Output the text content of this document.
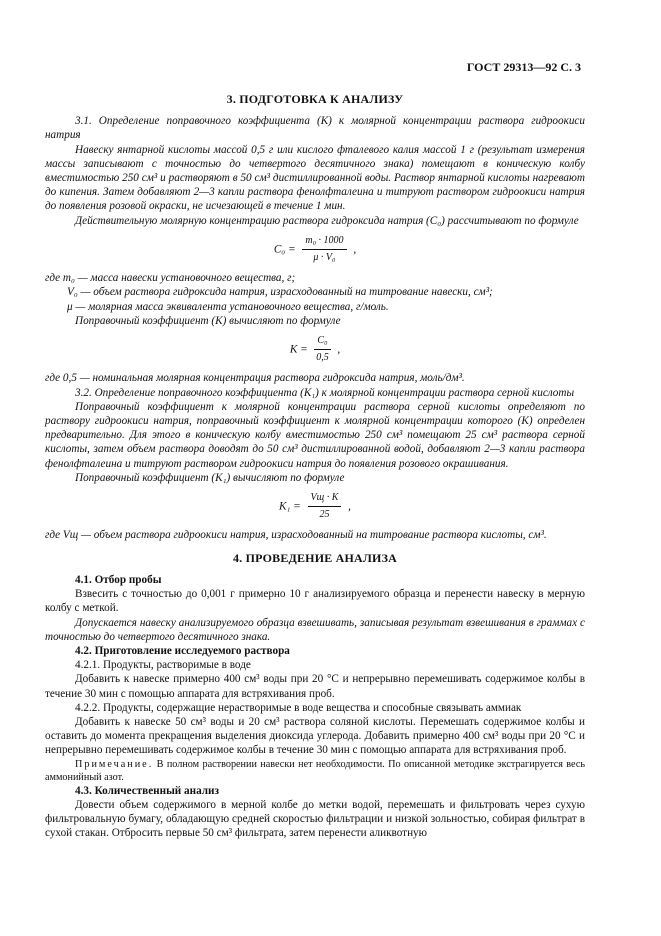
ГОСТ 29313—92 С. 3
3. ПОДГОТОВКА К АНАЛИЗУ

3.1. Определение поправочного коэффициента (К) к молярной концентрации раствора гидроокиси натрия

Навеску янтарной кислоты массой 0,5 г или кислого фталевого калия массой 1 г (результат измерения массы записывают с точностью до четвертого десятичного знака) помещают в коническую колбу вместимостью 250 см³ и растворяют в 50 см³ дистиллированной воды. Раствор янтарной кислоты нагревают до кипения. Затем добавляют 2—3 капли раствора фенолфталеина и титруют раствором гидроокиси натрия до появления розовой окраски, не исчезающей в течение 1 мин.

Действительную молярную концентрацию раствора гидроксида натрия (C₀) рассчитывают по формуле

$C_0 = \frac{\text{m₀ · 1000}}{\text{μ · V₀}}$ ,

где m₀ — масса навески установочного вещества, г;

V₀ — объем раствора гидроксида натрия, израсходованный на титрование навески, см³;

μ — молярная масса эквивалента установочного вещества, г/моль.

Поправочный коэффициент (К) вычисляют по формуле

$K = \frac{\text{C₀}}{0,5}$ ,

где 0,5 — номинальная молярная концентрация раствора гидроксида натрия, моль/дм³.

3.2. Определение поправочного коэффициента (K₁) к молярной концентрации раствора серной кислоты

Поправочный коэффициент к молярной концентрации раствора серной кислоты определяют по раствору гидроокиси натрия, поправочный коэффициент к молярной концентрации которого (К) определен предварительно. Для этого в коническую колбу вместимостью 250 см³ помещают 25 см³ раствора серной кислоты, затем объем раствора доводят до 50 см³ дистиллированной водой, добавляют 2—3 капли раствора фенолфталеина и титруют раствором гидроокиси натрия до появления розового окрашивания.

Поправочный коэффициент (K₁) вычисляют по формуле

$K_1 = \frac{Vщ \cdot K}{25}$ ,

где Vщ — объем раствора гидроокиси натрия, израсходованный на титрование раствора кислоты, см³.

4. ПРОВЕДЕНИЕ АНАЛИЗА

4.1. Отбор пробы

Взвесить с точностью до 0,001 г примерно 10 г анализируемого образца и перенести навеску в мерную колбу с меткой.

Допускается навеску анализируемого образца взвешивать, записывая результат взвешивания в граммах с точностью до четвертого десятичного знака.

4.2. Приготовление исследуемого раствора

4.2.1. Продукты, растворимые в воде

Добавить к навеске примерно 400 см³ воды при 20 °С и непрерывно перемешивать содержимое колбы в течение 30 мин с помощью аппарата для встряхивания проб.

4.2.2. Продукты, содержащие нерастворимые в воде вещества и способные связывать аммиак

Добавить к навеске 50 см³ воды и 20 см³ раствора соляной кислоты. Перемешать содержимое колбы и оставить до момента прекращения выделения диоксида углерода. Добавить примерно 400 см³ воды при 20 °С и непрерывно перемешивать содержимое колбы в течение 30 мин с помощью аппарата для встряхивания проб.

Примечание. В полном растворении навески нет необходимости. По описанной методике экстрагируется весь аммонийный азот.

4.3. Количественный анализ

Довести объем содержимого в мерной колбе до метки водой, перемешать и фильтровать через сухую фильтровальную бумагу, обладающую средней скоростью фильтрации и низкой зольностью, собирая фильтрат в сухой стакан. Отбросить первые 50 см³ фильтрата, затем перенести аликвотную
